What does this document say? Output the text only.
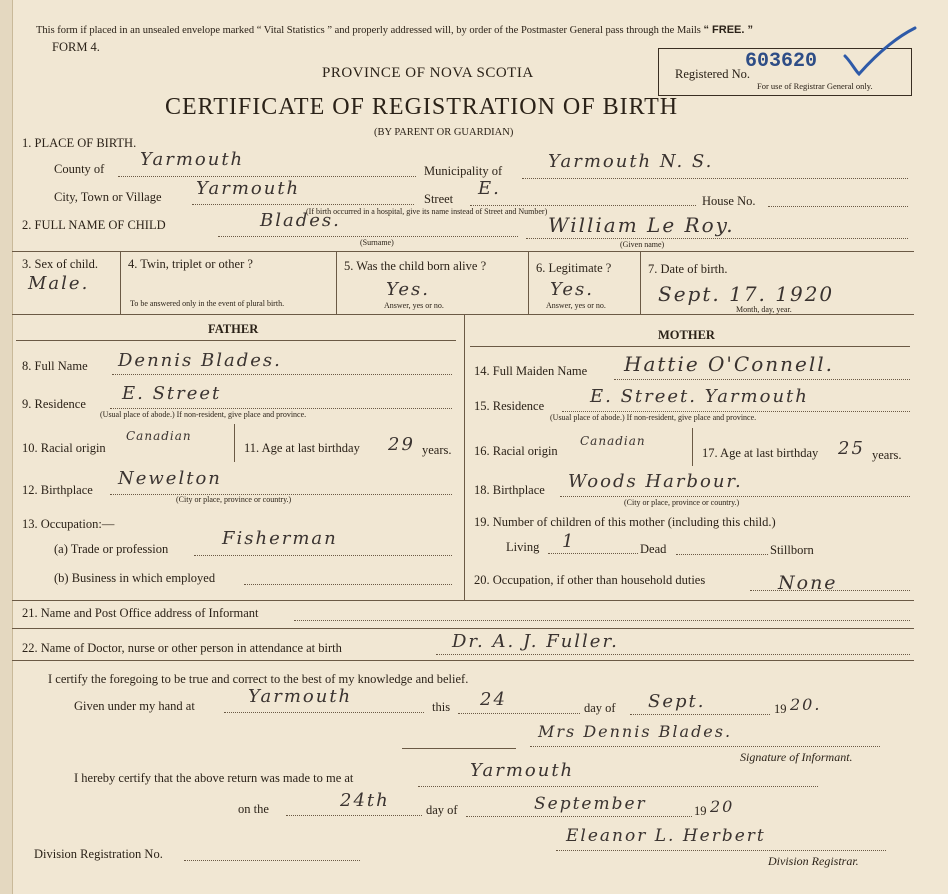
This form if placed in an unsealed envelope marked “ Vital Statistics ” and properly addressed will, by order of the Postmaster General pass through the Mails “ FREE. ”
FORM 4.
PROVINCE OF NOVA SCOTIA
CERTIFICATE OF REGISTRATION OF BIRTH
(BY PARENT OR GUARDIAN)
Registered No.
603620
For use of Registrar General only.
1. PLACE OF BIRTH.
County of Yarmouth
Municipality of	Yarmouth N. S.
City, Town or Village Yarmouth	Street E.
House No.
(If birth occurred in a hospital, give its name instead of Street and Number)
2. FULL NAME OF CHILD	Blades.
(Surname)
William Le Roy.
(Given name)
3. Sex of child.
Male.
4. Twin, triplet or other ?
To be answered only in the event of plural birth.
5. Was the child born alive ?
Yes.
Answer, yes or no.
6. Legitimate ?
Yes.
Answer, yes or no.
7. Date of birth.
Sept. 17. 1920
Month, day, year.
FATHER
8. Full Name Dennis Blades.
9. Residence E. Street
(Usual place of abode.) If non-resident, give place and province.
10. Racial origin
Canadian
11. Age at last birthday 29 years.
12. Birthplace
Newelton
(City or place, province or country.)
13. Occupation:—
(a) Trade or profession	Fisherman
(b) Business in which employed
MOTHER
14. Full Maiden Name Hattie O'Connell.
15. Residence	E. Street. Yarmouth
(Usual place of abode.) If non-resident, give place and province.
16. Racial origin
Canadian
17. Age at last birthday 25 years.
18. Birthplace Woods Harbour.
(City or place, province or country.)
19. Number of children of this mother (including this child.)
Living 1	Dead	Stillborn
20. Occupation, if other than household duties	None
21. Name and Post Office address of Informant
22. Name of Doctor, nurse or other person in attendance at birth	Dr. A. J. Fuller.
I certify the foregoing to be true and correct to the best of my knowledge and belief.
Given under my hand at	Yarmouth	this 24	day of Sept.	19 20.
Mrs Dennis Blades.
Signature of Informant.
I hereby certify that the above return was made to me at	Yarmouth
on the	24th	day of	September	19 20
Division Registration No.
Eleanor L. Herbert
Division Registrar.
